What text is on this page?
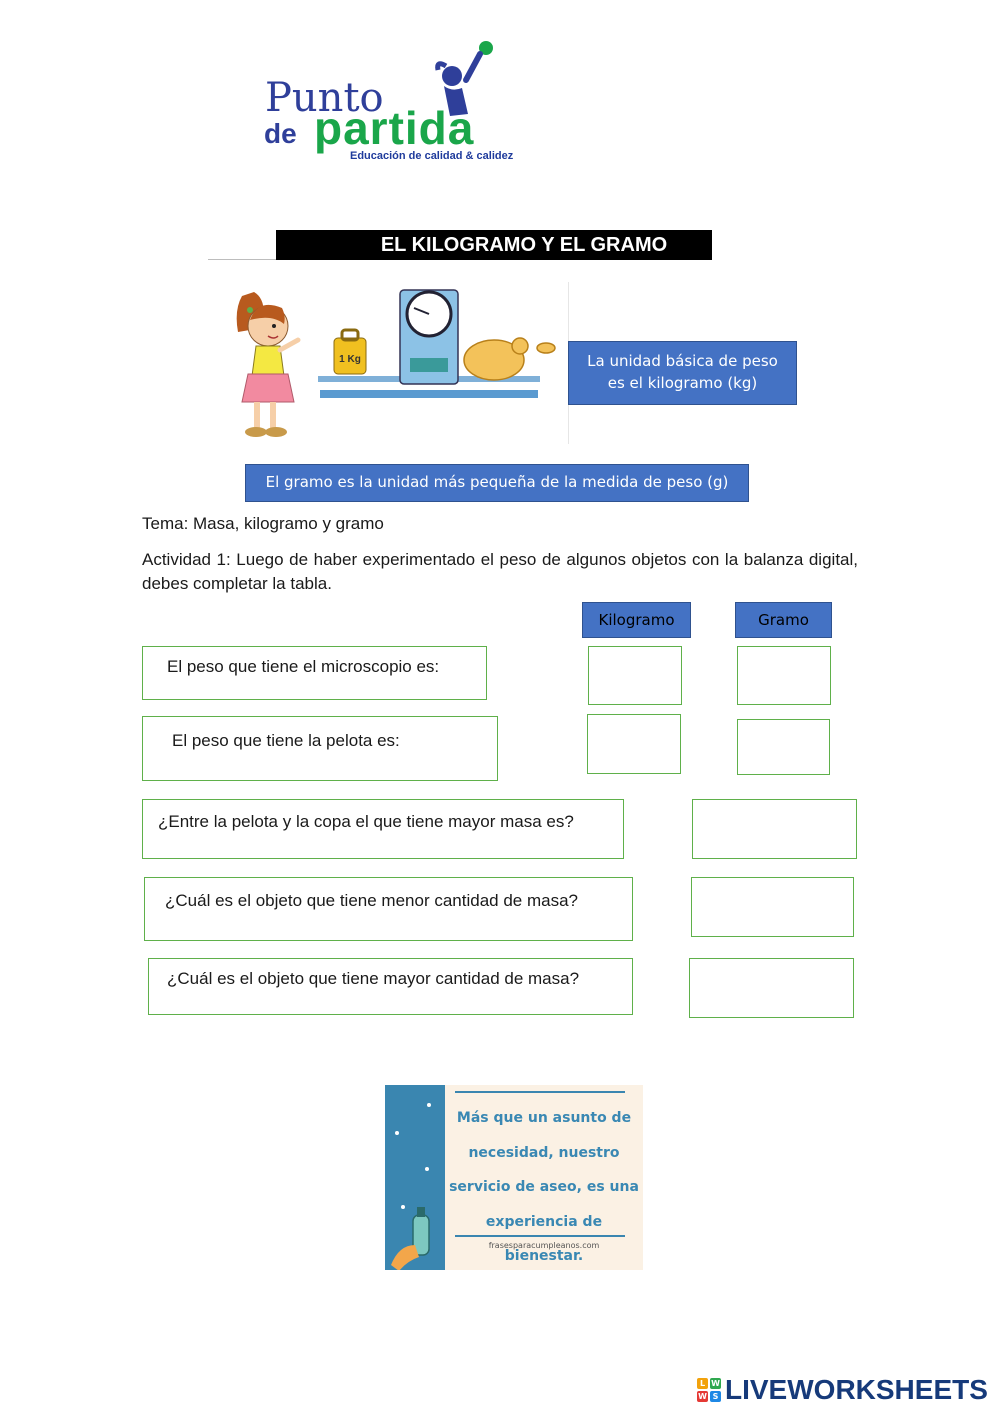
Punto
de partida
Educación de calidad & calidez
EL KILOGRAMO Y EL GRAMO
1 Kg	La unidad básica de peso
es el kilogramo (kg)
El gramo es la unidad más pequeña de la medida de peso (g)
Tema: Masa, kilogramo y gramo
Actividad 1: Luego de haber experimentado el peso de algunos objetos con la balanza digital, debes completar la tabla.
Kilogramo	Gramo
El peso que tiene el microscopio es:
El peso que tiene la pelota es:
¿Entre la pelota y la copa el que tiene mayor masa es?
¿Cuál es el objeto que tiene menor cantidad de masa?
¿Cuál es el objeto que tiene mayor cantidad de masa?
Más que un asunto de
necesidad, nuestro
servicio de aseo, es una
experiencia de bienestar.
frasesparacumpleanos.com
L W
W S LIVEWORKSHEETS
